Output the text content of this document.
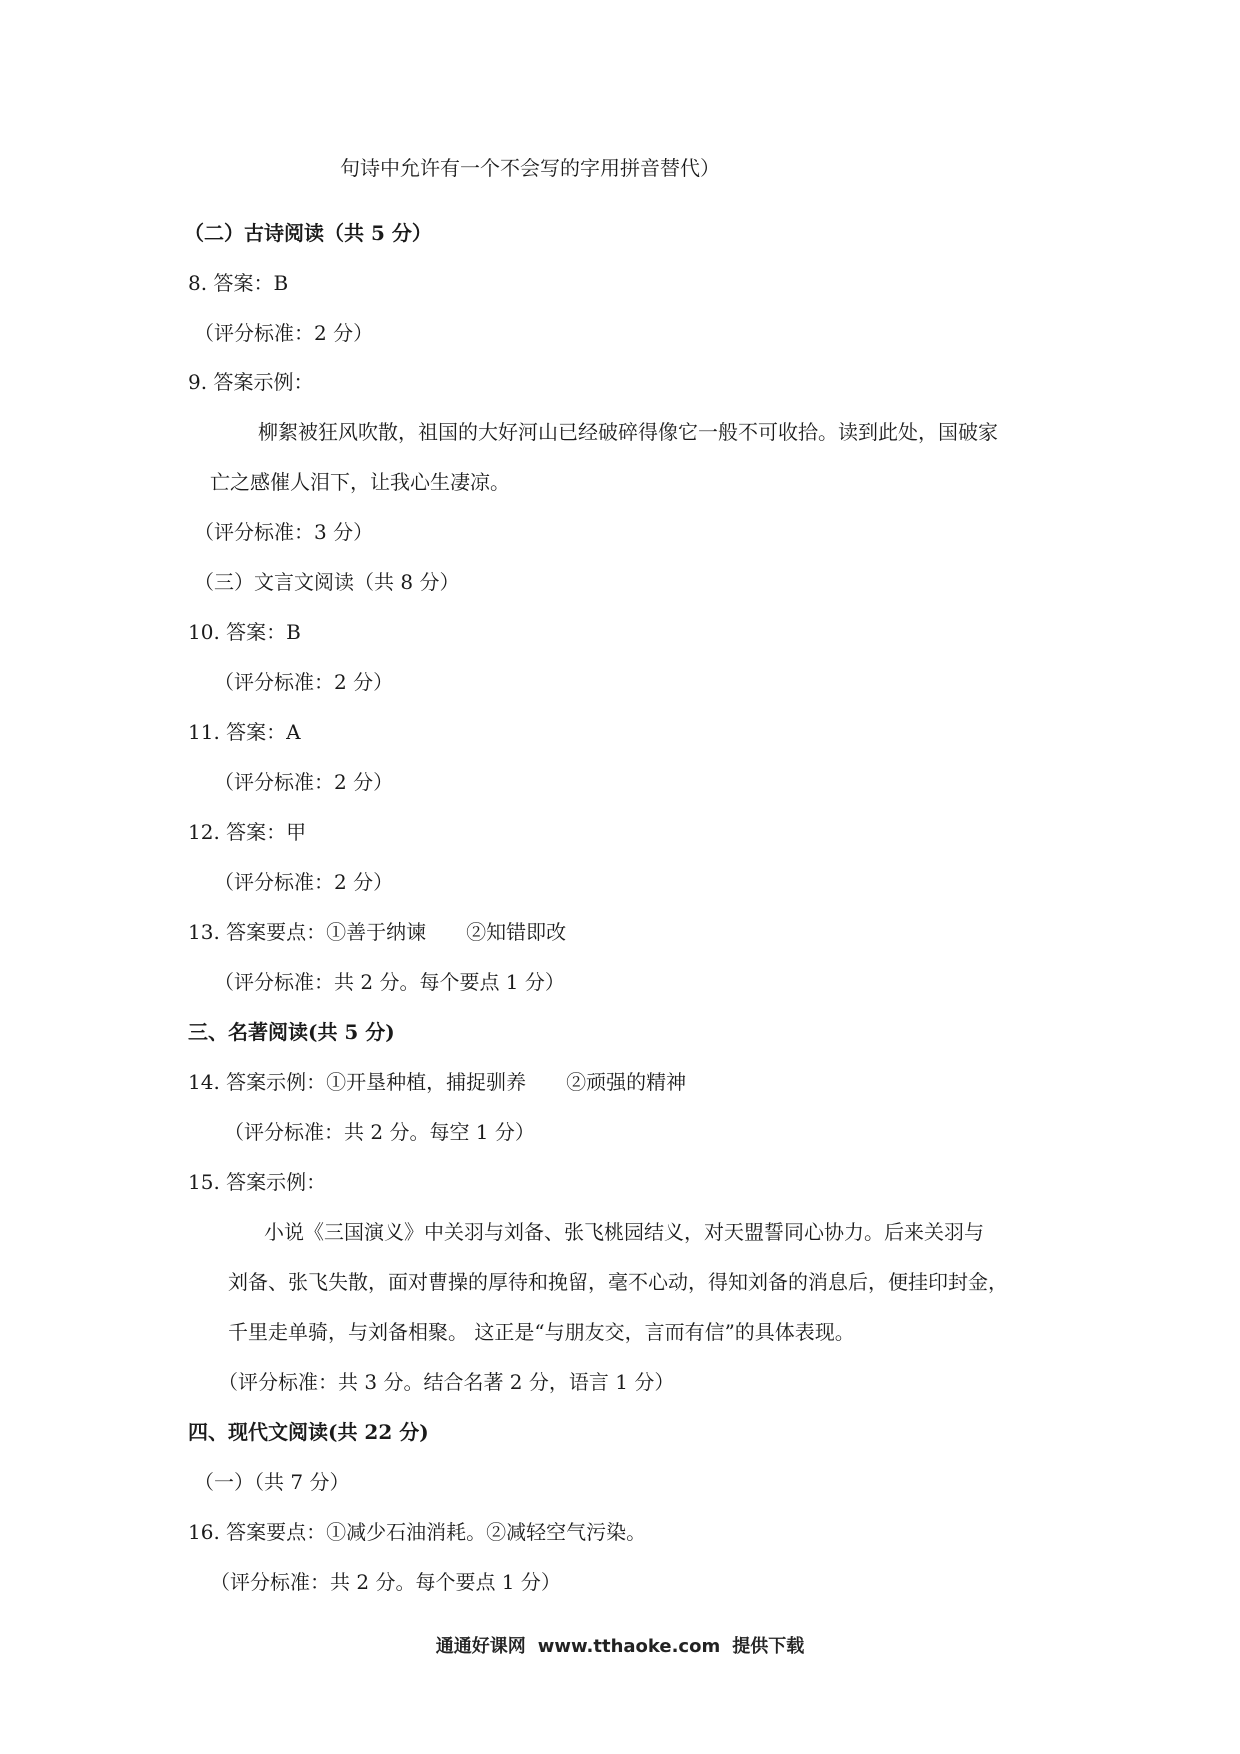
句诗中允许有一个不会写的字用拼音替代）
（二）古诗阅读（共 5 分）
8. 答案：B
（评分标准：2 分）
9. 答案示例：
柳絮被狂风吹散，祖国的大好河山已经破碎得像它一般不可收拾。读到此处，国破家
亡之感催人泪下，让我心生凄凉。
（评分标准：3 分）
（三）文言文阅读（共 8 分）
10. 答案：B
（评分标准：2 分）
11. 答案：A
（评分标准：2 分）
12. 答案：甲
（评分标准：2 分）
13. 答案要点：①善于纳谏　　②知错即改
（评分标准：共 2 分。每个要点 1 分）
三、名著阅读(共 5 分)
14. 答案示例：①开垦种植，捕捉驯养　　②顽强的精神
（评分标准：共 2 分。每空 1 分）
15. 答案示例：
小说《三国演义》中关羽与刘备、张飞桃园结义，对天盟誓同心协力。后来关羽与
刘备、张飞失散，面对曹操的厚待和挽留，毫不心动，得知刘备的消息后，便挂印封金，
千里走单骑，与刘备相聚。 这正是“与朋友交，言而有信”的具体表现。
（评分标准：共 3 分。结合名著 2 分，语言 1 分）
四、现代文阅读(共 22 分)
（一）（共 7 分）
16. 答案要点：①减少石油消耗。②减轻空气污染。
（评分标准：共 2 分。每个要点 1 分）
通通好课网 www.tthaoke.com 提供下载
